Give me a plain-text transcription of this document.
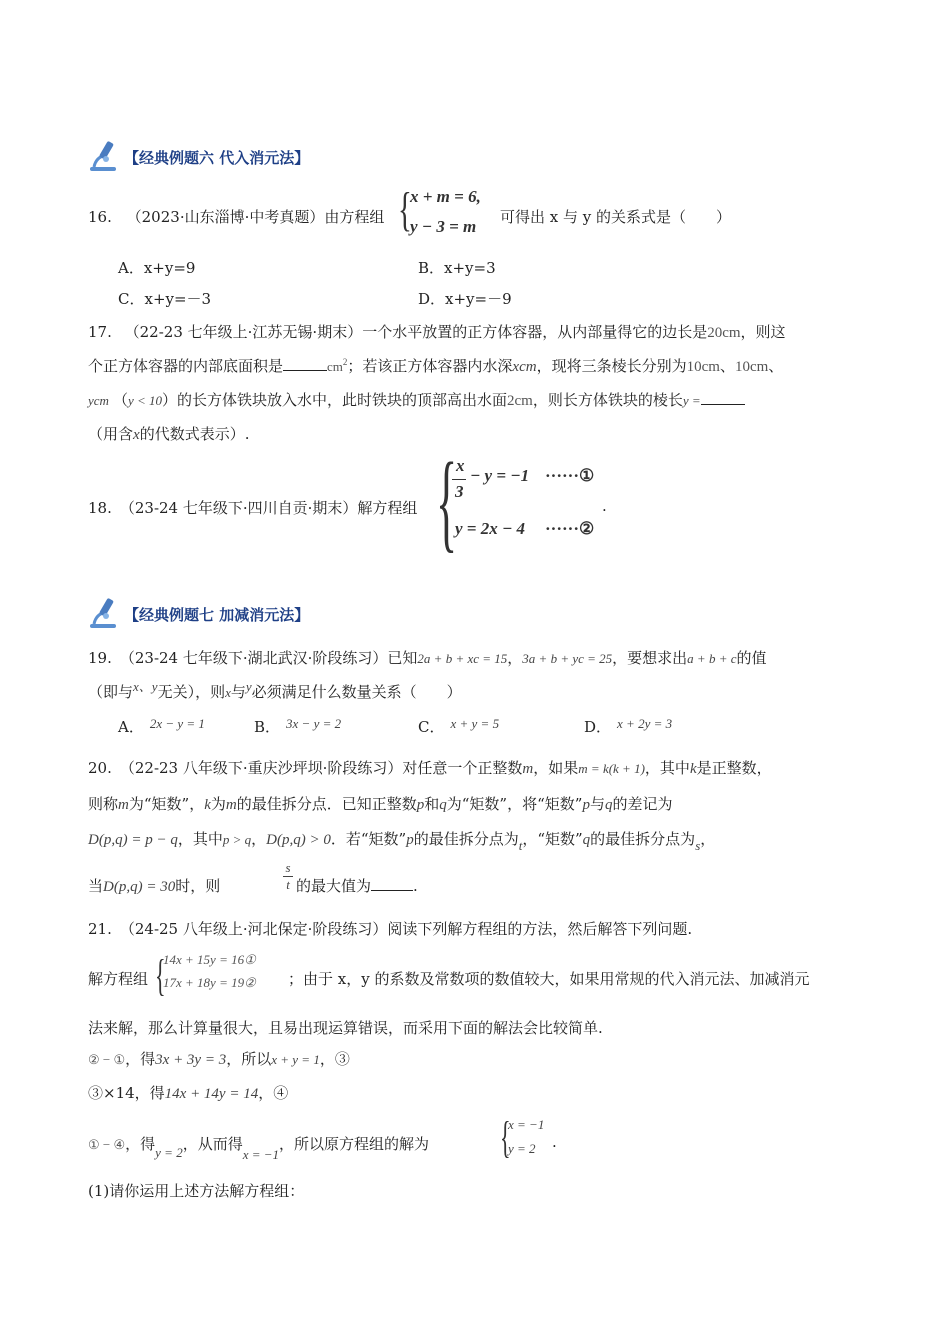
【经典例题六 代入消元法】
16. （2023·山东淄博·中考真题）由方程组 {
x + m = 6,
y − 3 = m 可得出 x 与 y 的关系式是（　　）
A．x+y=9	B．x+y=3
C．x+y=－3	D．x+y=－9
17. （22-23 七年级上·江苏无锡·期末）一个水平放置的正方体容器，从内部量得它的边长是20cm，则这
个正方体容器的内部底面积是	$cm^2$；若该正方体容器内水深xcm，现将三条棱长分别为10cm、10cm、
ycm （y < 10）的长方体铁块放入水中，此时铁块的顶部高出水面2cm，则长方体铁块的棱长y =
（用含x的代数式表示）.
18. （23-24 七年级下·四川自贡·期末）解方程组 {
x
3
− y = −1 ······①
y = 2x − 4 ······②
.
【经典例题七 加减消元法】
19. （23-24 七年级下·湖北武汉·阶段练习）已知2a + b + xc = 15，3a + b + yc = 25，要想求出a + b + c的值
（即与x、y无关），则x与y必须满足什么数量关系（　　）
A． 2x − y = 1	B． 3x − y = 2	C． x + y = 5	D． x + 2y = 3
20. （22-23 八年级下·重庆沙坪坝·阶段练习）对任意一个正整数m，如果m = k(k + 1)，其中k是正整数，
则称m为“矩数”，k为m的最佳拆分点．已知正整数p和q为“矩数”，将“矩数”p与q的差记为
D(p,q) = p − q，其中p > q，D(p,q) > 0．若“矩数”p的最佳拆分点为t，“矩数”q的最佳拆分点为s，
当D(p,q) = 30时，则
s
t 的最大值为	.
21. （24-25 八年级上·河北保定·阶段练习）阅读下列解方程组的方法，然后解答下列问题.
解方程组 {
14x + 15y = 16①
17x + 18y = 19② ；由于 x，y 的系数及常数项的数值较大，如果用常规的代入消元法、加减消元
法来解，那么计算量很大，且易出现运算错误，而采用下面的解法会比较简单.
② − ①，得3x + 3y = 3，所以x + y = 1，③
③×14，得14x + 14y = 14，④
① − ④，得y = 2，从而得x = −1，所以原方程组的解为 {
x = −1
y = 2 .
(1)请你运用上述方法解方程组：
